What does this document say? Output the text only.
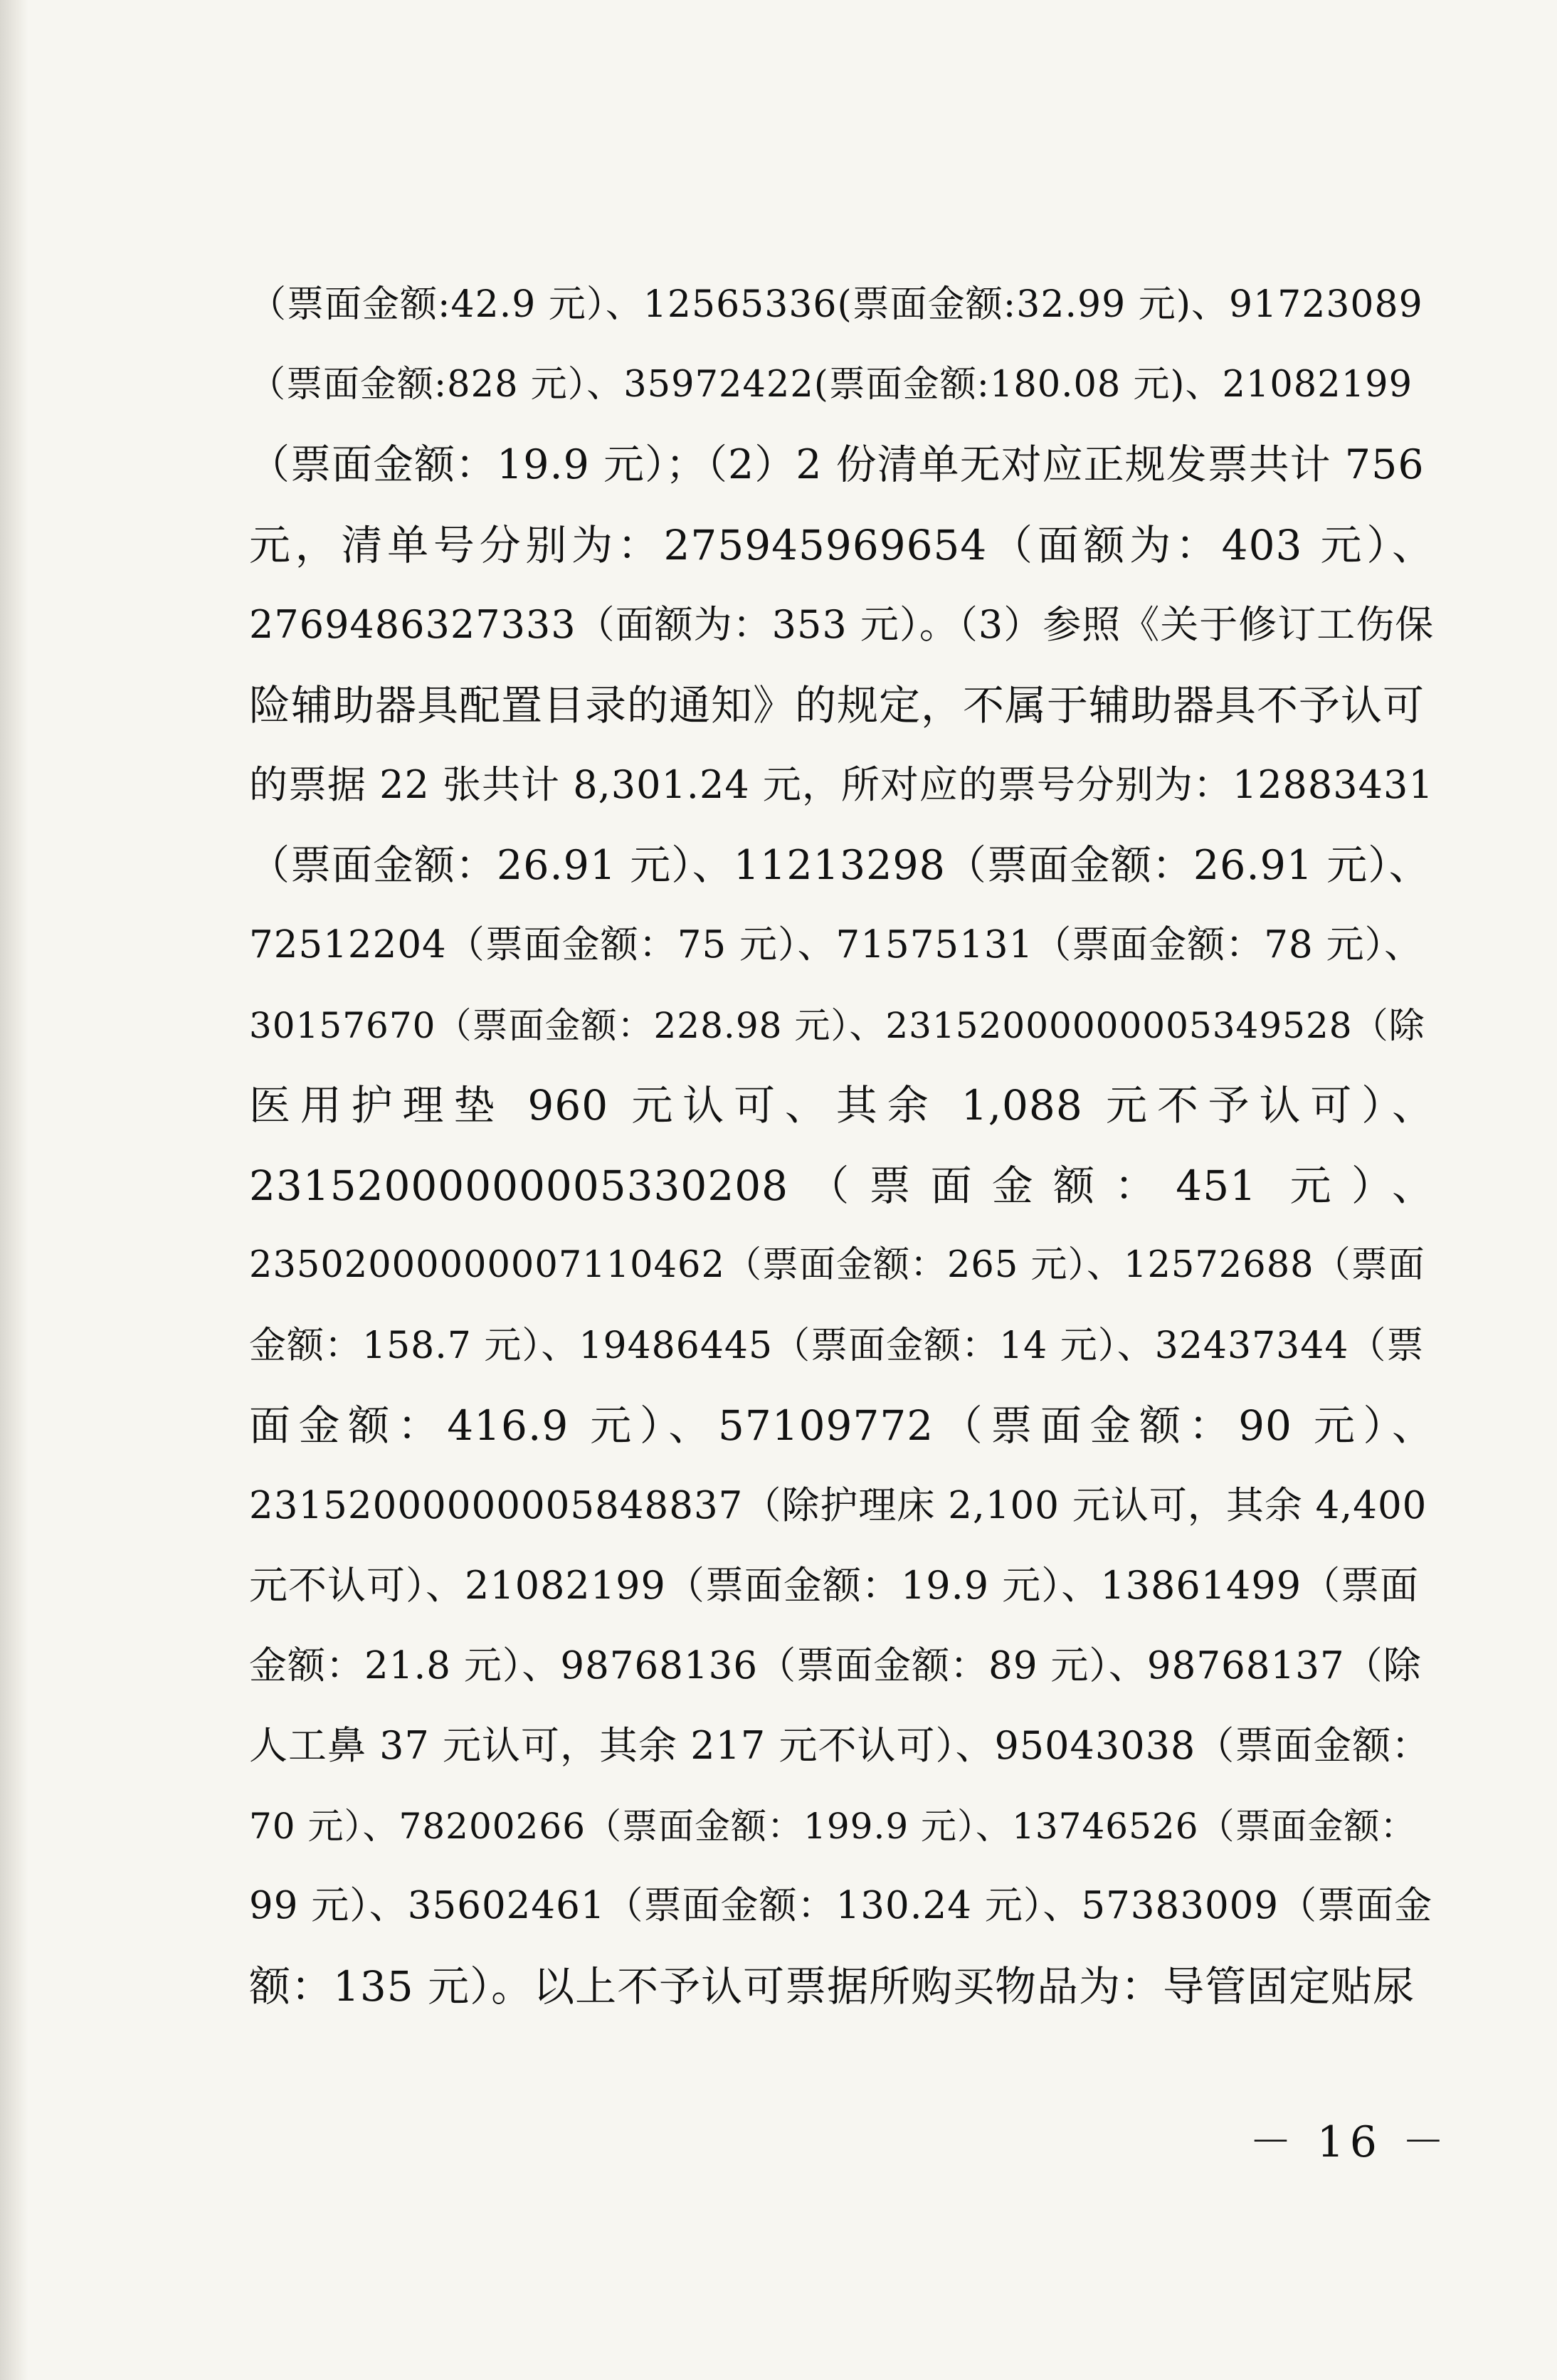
（票面金额:42.9 元）、12565336(票面金额:32.99 元)、91723089
（票面金额:828 元）、35972422(票面金额:180.08 元)、21082199
（票面金额：19.9 元）；（2）2 份清单无对应正规发票共计 756
元，清单号分别为：275945969654（面额为：403 元）、
2769486327333（面额为：353 元）。（3）参照《关于修订工伤保
险辅助器具配置目录的通知》的规定，不属于辅助器具不予认可
的票据 22 张共计 8,301.24 元，所对应的票号分别为：12883431
（票面金额：26.91 元）、11213298（票面金额：26.91 元）、
72512204（票面金额：75 元）、71575131（票面金额：78 元）、
30157670（票面金额：228.98 元）、23152000000005349528（除
医用护理垫 960 元认可、其余 1,088 元不予认可）、
23152000000005330208（票面金额：451 元）、
23502000000007110462（票面金额：265 元）、12572688（票面
金额：158.7 元）、19486445（票面金额：14 元）、32437344（票
面金额：416.9 元）、57109772（票面金额：90 元）、
23152000000005848837（除护理床 2,100 元认可，其余 4,400
元不认可）、21082199（票面金额：19.9 元）、13861499（票面
金额：21.8 元）、98768136（票面金额：89 元）、98768137（除
人工鼻 37 元认可，其余 217 元不认可）、95043038（票面金额：
70 元）、78200266（票面金额：199.9 元）、13746526（票面金额：
99 元）、35602461（票面金额：130.24 元）、57383009（票面金
额：135 元）。以上不予认可票据所购买物品为：导管固定贴尿
－ 16 －
